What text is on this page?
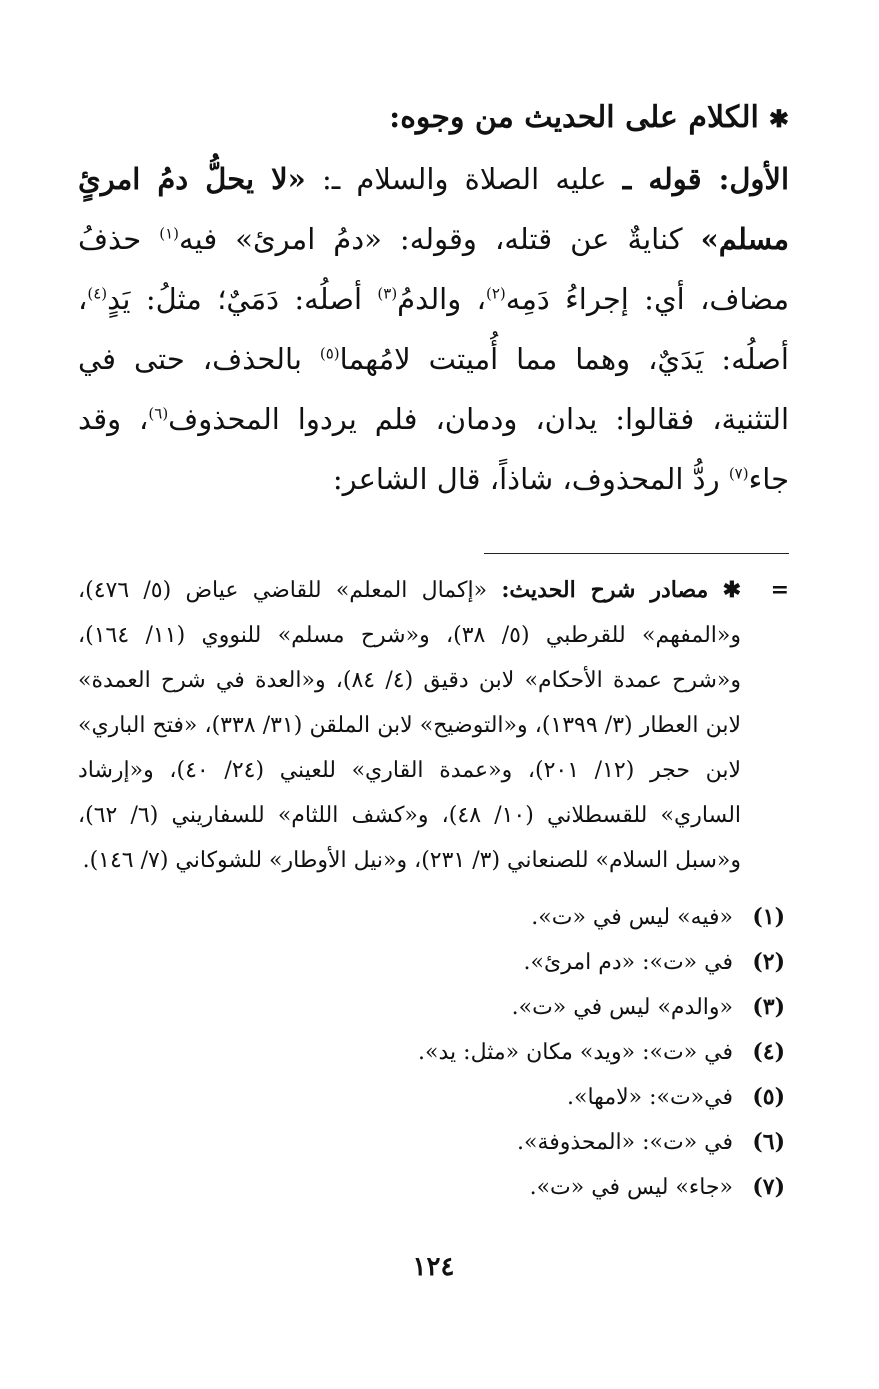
✱الكلام على الحديث من وجوه:

الأول: قوله ـ عليه الصلاة والسلام ـ: «لا يحلُّ دمُ امرئٍ مسلم» كنايةٌ عن قتله، وقوله: «دمُ امرئ» فيه$^{(١)}$ حذفُ مضاف، أي: إجراءُ دَمِه$^{(٢)}$، والدمُ$^{(٣)}$ أصلُه: دَمَيٌ؛ مثلُ: يَدٍ$^{(٤)}$، أصلُه: يَدَيٌ، وهما مما أُميتت لامُهما$^{(٥)}$ بالحذف، حتى في التثنية، فقالوا: يدان، ودمان، فلم يردوا المحذوف$^{(٦)}$، وقد جاء$^{(٧)}$ ردُّ المحذوف، شاذاً، قال الشاعر:

=
✱ مصادر شرح الحديث: «إكمال المعلم» للقاضي عياض (٥/ ٤٧٦)، و«المفهم» للقرطبي (٥/ ٣٨)، و«شرح مسلم» للنووي (١١/ ١٦٤)، و«شرح عمدة الأحكام» لابن دقيق (٤/ ٨٤)، و«العدة في شرح العمدة» لابن العطار (٣/ ١٣٩٩)، و«التوضيح» لابن الملقن (٣١/ ٣٣٨)، «فتح الباري» لابن حجر (١٢/ ٢٠١)، و«عمدة القاري» للعيني (٢٤/ ٤٠)، و«إرشاد الساري» للقسطلاني (١٠/ ٤٨)، و«كشف اللثام» للسفاريني (٦/ ٦٢)، و«سبل السلام» للصنعاني (٣/ ٢٣١)، و«نيل الأوطار» للشوكاني (٧/ ١٤٦).
(١)«فيه» ليس في «ت».
(٢)في «ت»: «دم امرئ».
(٣)«والدم» ليس في «ت».
(٤)في «ت»: «ويد» مكان «مثل: يد».
(٥)في«ت»: «لامها».
(٦)في «ت»: «المحذوفة».
(٧)«جاء» ليس في «ت».
١٢٤
